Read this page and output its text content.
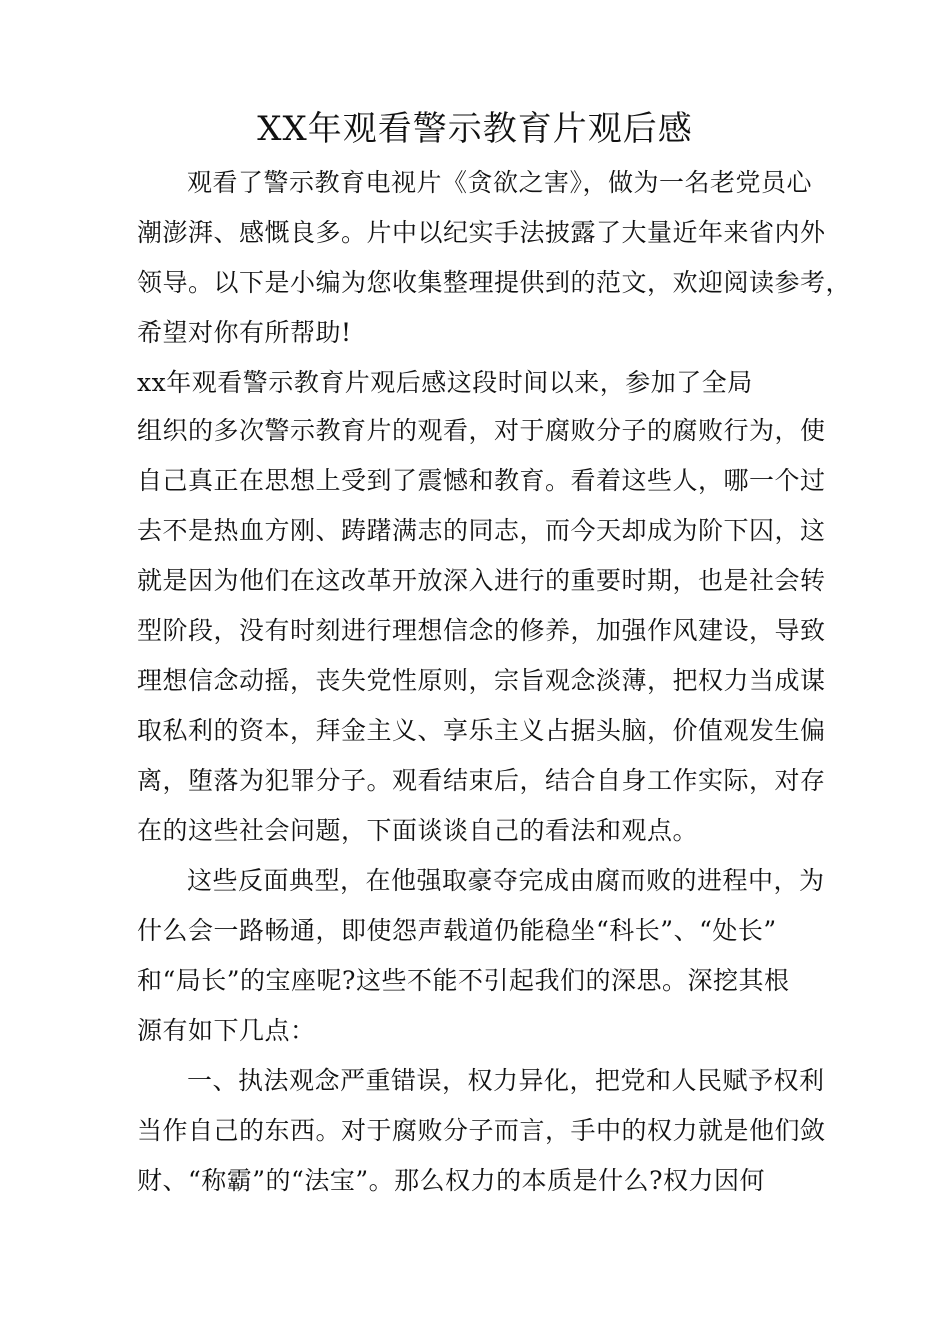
XX年观看警示教育片观后感
观看了警示教育电视片《贪欲之害》，做为一名老党员心
潮澎湃、感慨良多。片中以纪实手法披露了大量近年来省内外
领导。以下是小编为您收集整理提供到的范文，欢迎阅读参考，
希望对你有所帮助!
xx年观看警示教育片观后感这段时间以来，参加了全局
组织的多次警示教育片的观看，对于腐败分子的腐败行为，使
自己真正在思想上受到了震憾和教育。看着这些人，哪一个过
去不是热血方刚、踌躇满志的同志，而今天却成为阶下囚，这
就是因为他们在这改革开放深入进行的重要时期，也是社会转
型阶段，没有时刻进行理想信念的修养，加强作风建设，导致
理想信念动摇，丧失党性原则，宗旨观念淡薄，把权力当成谋
取私利的资本，拜金主义、享乐主义占据头脑，价值观发生偏
离，堕落为犯罪分子。观看结束后，结合自身工作实际，对存
在的这些社会问题，下面谈谈自己的看法和观点。
这些反面典型，在他强取豪夺完成由腐而败的进程中，为
什么会一路畅通，即使怨声载道仍能稳坐“科长”、“处长”
和“局长”的宝座呢?这些不能不引起我们的深思。深挖其根
源有如下几点：
一、执法观念严重错误，权力异化，把党和人民赋予权利
当作自己的东西。对于腐败分子而言，手中的权力就是他们敛
财、“称霸”的“法宝”。那么权力的本质是什么?权力因何
